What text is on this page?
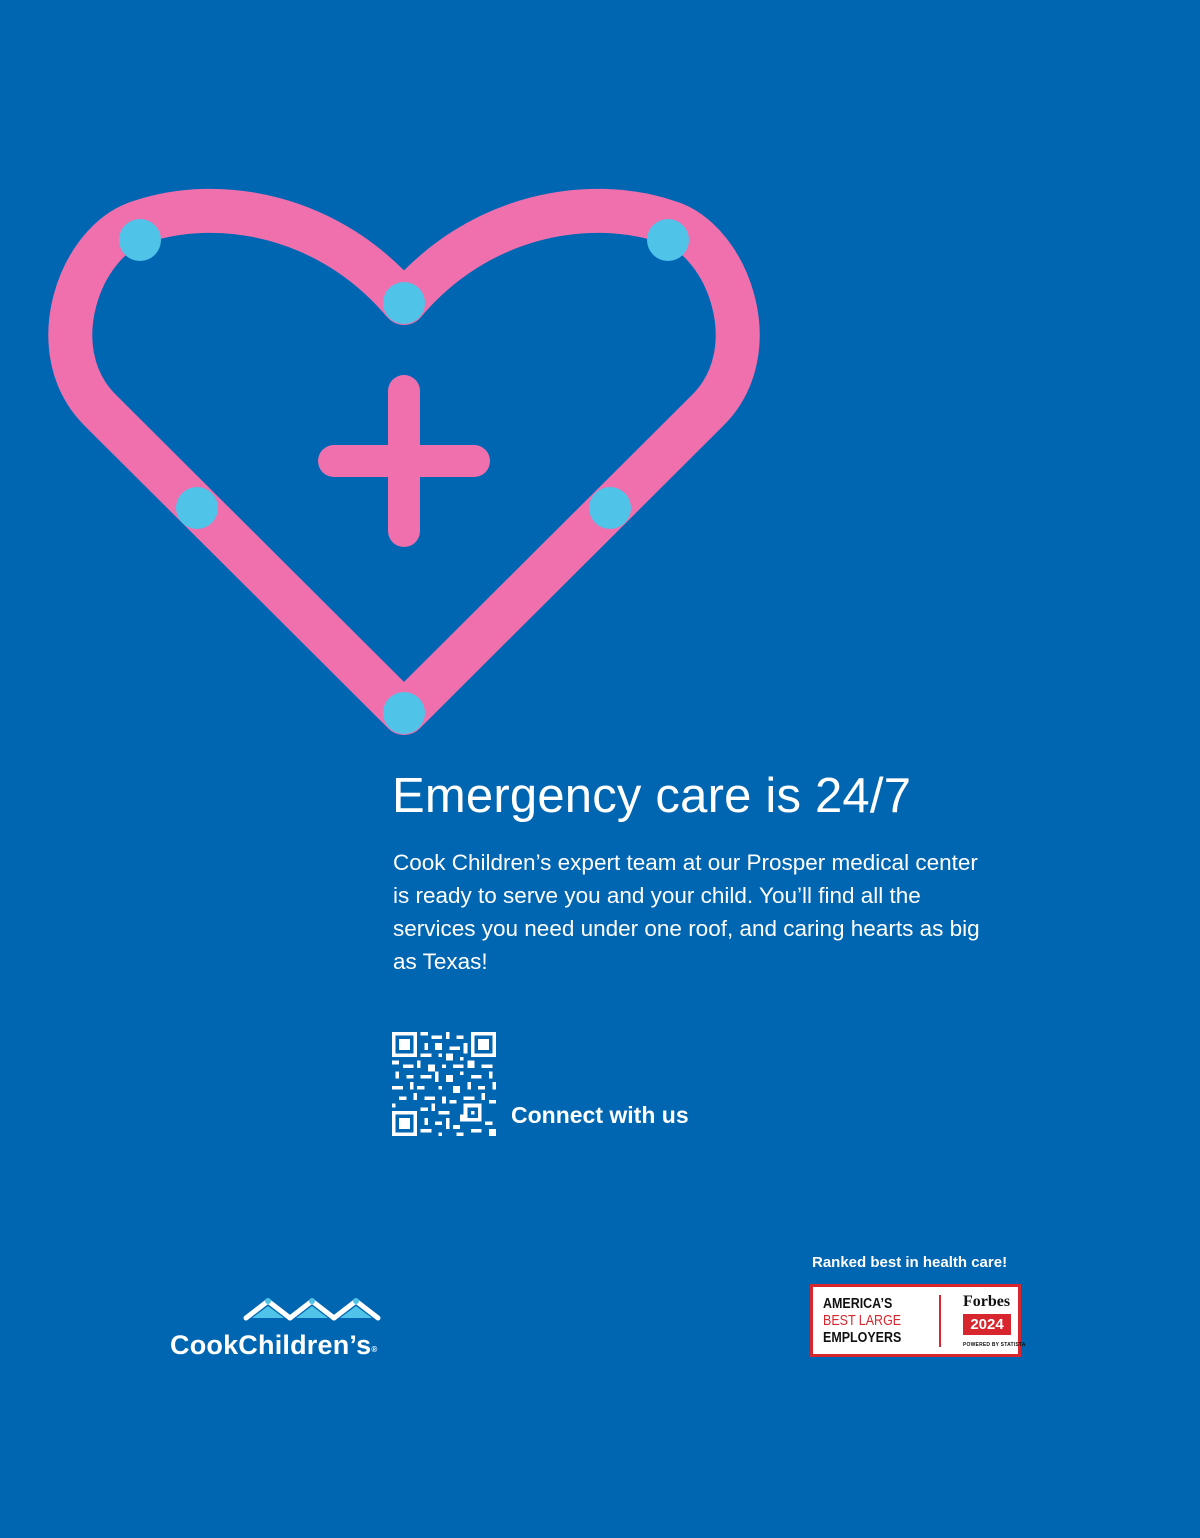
Emergency care is 24/7

Cook Children’s expert team at our Prosper medical center is ready to serve you and your child. You’ll find all the services you need under one roof, and caring hearts as big as Texas!

Connect with us
CookChildren’s®
Ranked best in health care!
AMERICA’S
BEST LARGE
EMPLOYERS
Forbes
2024
POWERED BY STATISTA
